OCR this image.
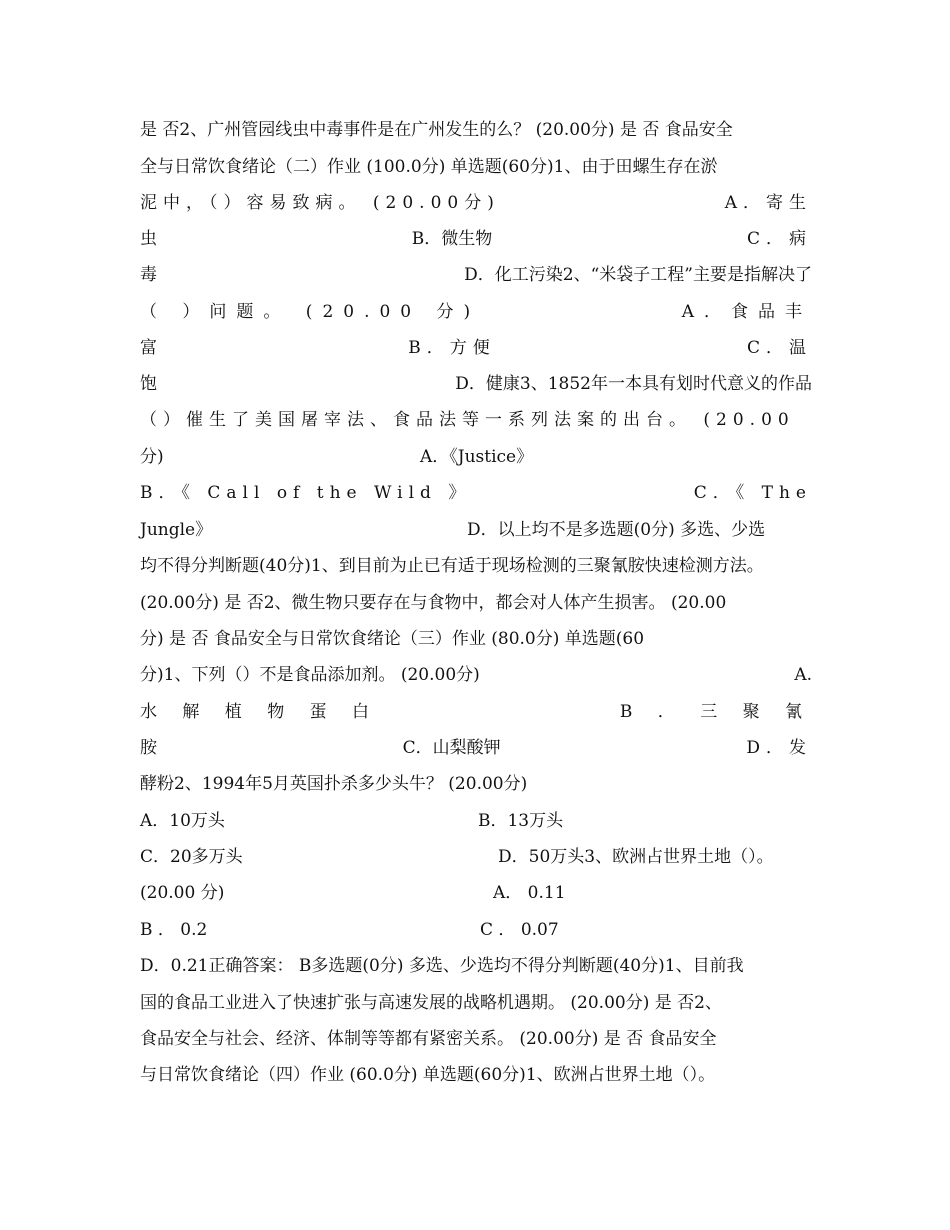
是 否2、广州管园线虫中毒事件是在广州发生的么？ (20.00分) 是 否 食品安全
全与日常饮食绪论（二）作业 (100.0分) 单选题(60分)1、由于田螺生存在淤
泥中，（）容易致病。 (20.00分)	A．寄生
虫	B．微生物	C．病
毒	D．化工污染2、“米袋子工程”主要是指解决了
（ ）问题。 (20.00 分)	A．食品丰
富	B．方便	C．温
饱	D．健康3、1852年一本具有划时代意义的作品
（）催生了美国屠宰法、食品法等一系列法案的出台。 (20.00
分)	A．《Justice》
B．《 Call of the Wild 》	C．《 The
Jungle》	D．以上均不是多选题(0分) 多选、少选
均不得分判断题(40分)1、到目前为止已有适于现场检测的三聚氰胺快速检测方法。
(20.00分) 是 否2、微生物只要存在与食物中，都会对人体产生损害。 (20.00
分) 是 否 食品安全与日常饮食绪论（三）作业 (80.0分) 单选题(60
分)1、下列（）不是食品添加剂。 (20.00分)	A.
水 解 植 物 蛋 白	B ． 三 聚 氰
胺	C．山梨酸钾	D．发
酵粉2、1994年5月英国扑杀多少头牛？ (20.00分)
A．10万头	B．13万头
C．20多万头	D．50万头3、欧洲占世界土地（）。
(20.00 分)	A． 0.11
B ． 0.2	C ． 0.07
D．0.21正确答案： B多选题(0分) 多选、少选均不得分判断题(40分)1、目前我
国的食品工业进入了快速扩张与高速发展的战略机遇期。 (20.00分) 是 否2、
食品安全与社会、经济、体制等等都有紧密关系。 (20.00分) 是 否 食品安全
与日常饮食绪论（四）作业 (60.0分) 单选题(60分)1、欧洲占世界土地（）。
